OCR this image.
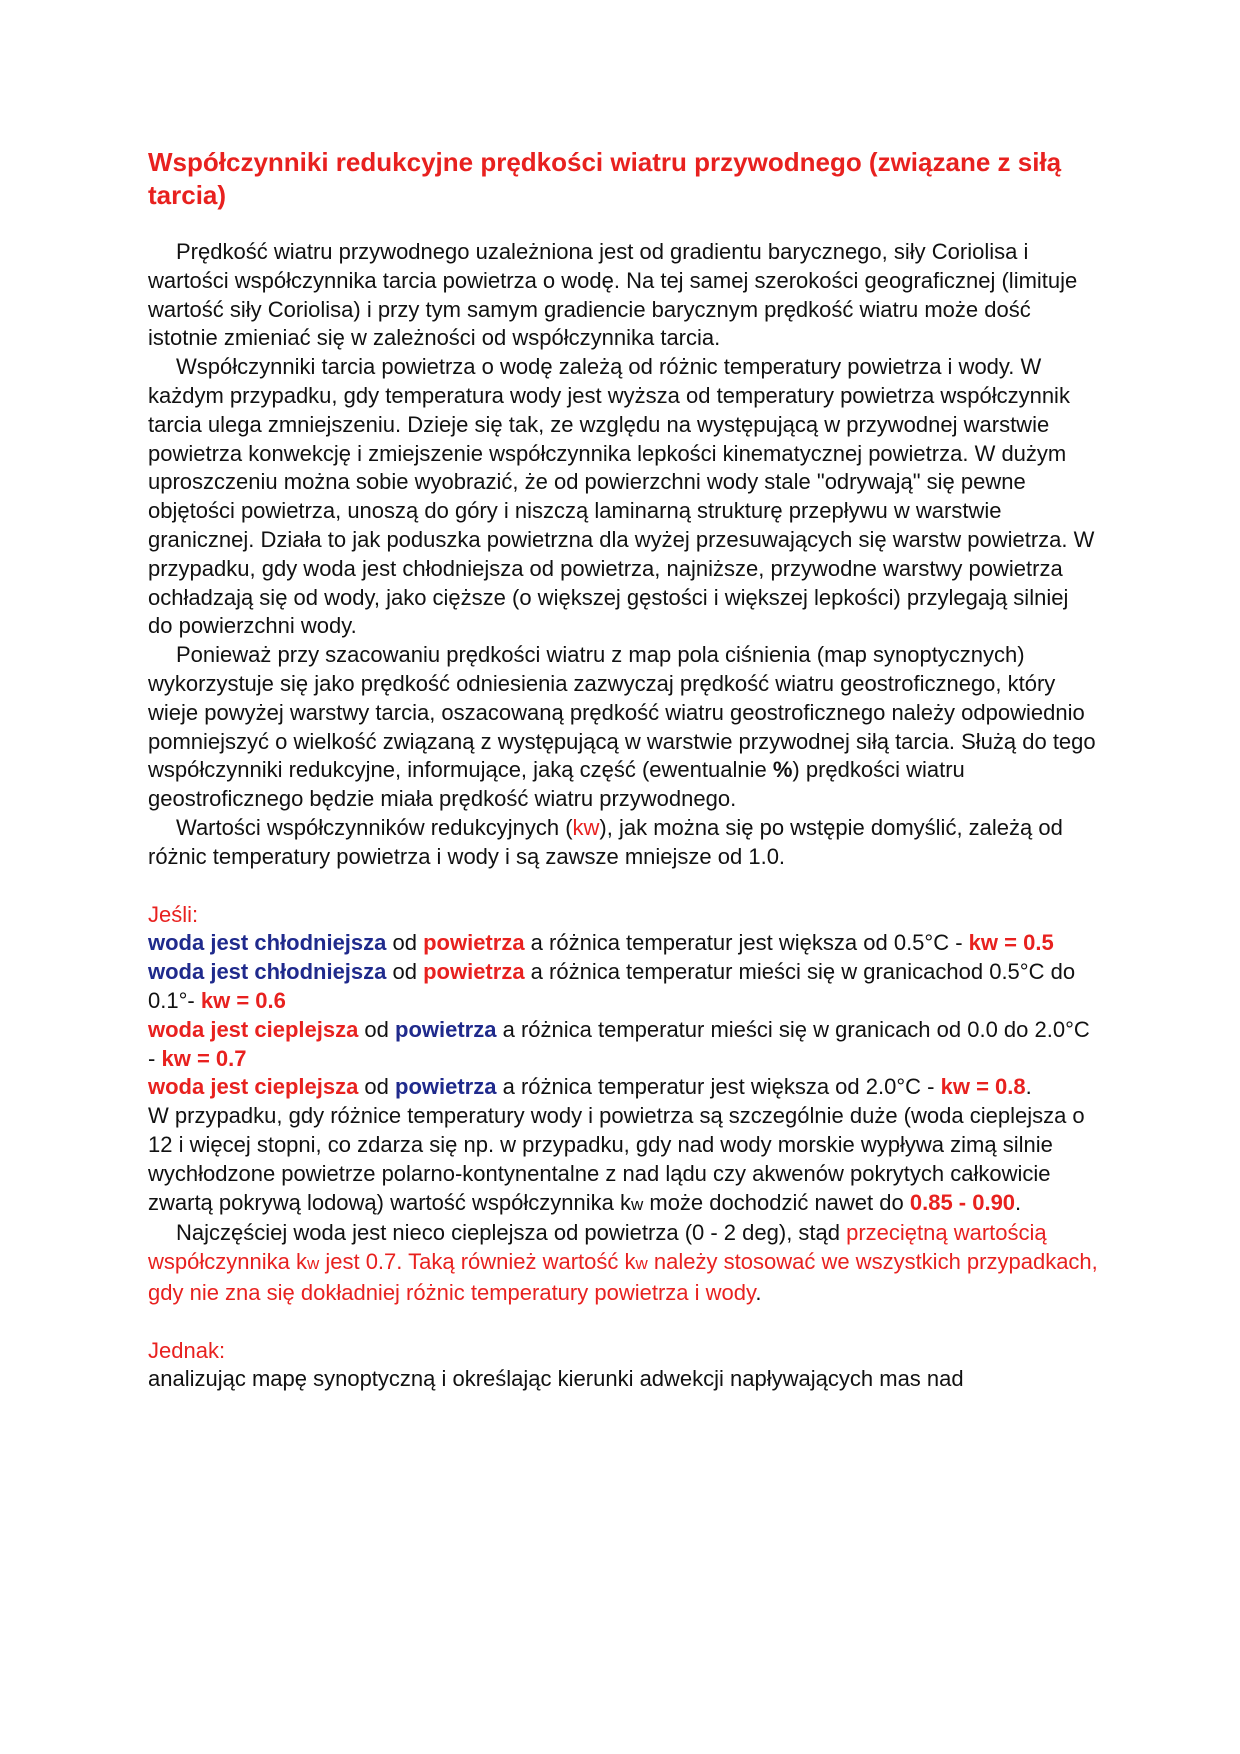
Współczynniki redukcyjne prędkości wiatru przywodnego (związane z siłą tarcia)

Prędkość wiatru przywodnego uzależniona jest od gradientu barycznego, siły Coriolisa i wartości współczynnika tarcia powietrza o wodę. Na tej samej szerokości geograficznej (limituje wartość siły Coriolisa) i przy tym samym gradiencie barycznym prędkość wiatru może dość istotnie zmieniać się w zależności od współczynnika tarcia.

Współczynniki tarcia powietrza o wodę zależą od różnic temperatury powietrza i wody. W każdym przypadku, gdy temperatura wody jest wyższa od temperatury powietrza współczynnik tarcia ulega zmniejszeniu. Dzieje się tak, ze względu na występującą w przywodnej warstwie powietrza konwekcję i zmiejszenie współczynnika lepkości kinematycznej powietrza. W dużym uproszczeniu można sobie wyobrazić, że od powierzchni wody stale "odrywają" się pewne objętości powietrza, unoszą do góry i niszczą laminarną strukturę przepływu w warstwie granicznej. Działa to jak poduszka powietrzna dla wyżej przesuwających się warstw powietrza. W przypadku, gdy woda jest chłodniejsza od powietrza, najniższe, przywodne warstwy powietrza ochładzają się od wody, jako cięższe (o większej gęstości i większej lepkości) przylegają silniej do powierzchni wody.

Ponieważ przy szacowaniu prędkości wiatru z map pola ciśnienia (map synoptycznych) wykorzystuje się jako prędkość odniesienia zazwyczaj prędkość wiatru geostroficznego, który wieje powyżej warstwy tarcia, oszacowaną prędkość wiatru geostroficznego należy odpowiednio pomniejszyć o wielkość związaną z występującą w warstwie przywodnej siłą tarcia. Służą do tego współczynniki redukcyjne, informujące, jaką część (ewentualnie %) prędkości wiatru geostroficznego będzie miała prędkość wiatru przywodnego.

Wartości współczynników redukcyjnych (kw), jak można się po wstępie domyślić, zależą od różnic temperatury powietrza i wody i są zawsze mniejsze od 1.0.

Jeśli:

woda jest chłodniejsza od powietrza a różnica temperatur jest większa od 0.5°C - kw = 0.5

woda jest chłodniejsza od powietrza a różnica temperatur mieści się w granicachod 0.5°C do 0.1°- kw = 0.6

woda jest cieplejsza od powietrza a różnica temperatur mieści się w granicach od 0.0 do 2.0°C - kw = 0.7

woda jest cieplejsza od powietrza a różnica temperatur jest większa od 2.0°C - kw = 0.8.

W przypadku, gdy różnice temperatury wody i powietrza są szczególnie duże (woda cieplejsza o 12 i więcej stopni, co zdarza się np. w przypadku, gdy nad wody morskie wypływa zimą silnie wychłodzone powietrze polarno-kontynentalne z nad lądu czy akwenów pokrytych całkowicie zwartą pokrywą lodową) wartość współczynnika kw może dochodzić nawet do 0.85 - 0.90.

Najczęściej woda jest nieco cieplejsza od powietrza (0 - 2 deg), stąd przeciętną wartością współczynnika kw jest 0.7. Taką również wartość kw należy stosować we wszystkich przypadkach, gdy nie zna się dokładniej różnic temperatury powietrza i wody.

Jednak:

analizując mapę synoptyczną i określając kierunki adwekcji napływających mas nad
